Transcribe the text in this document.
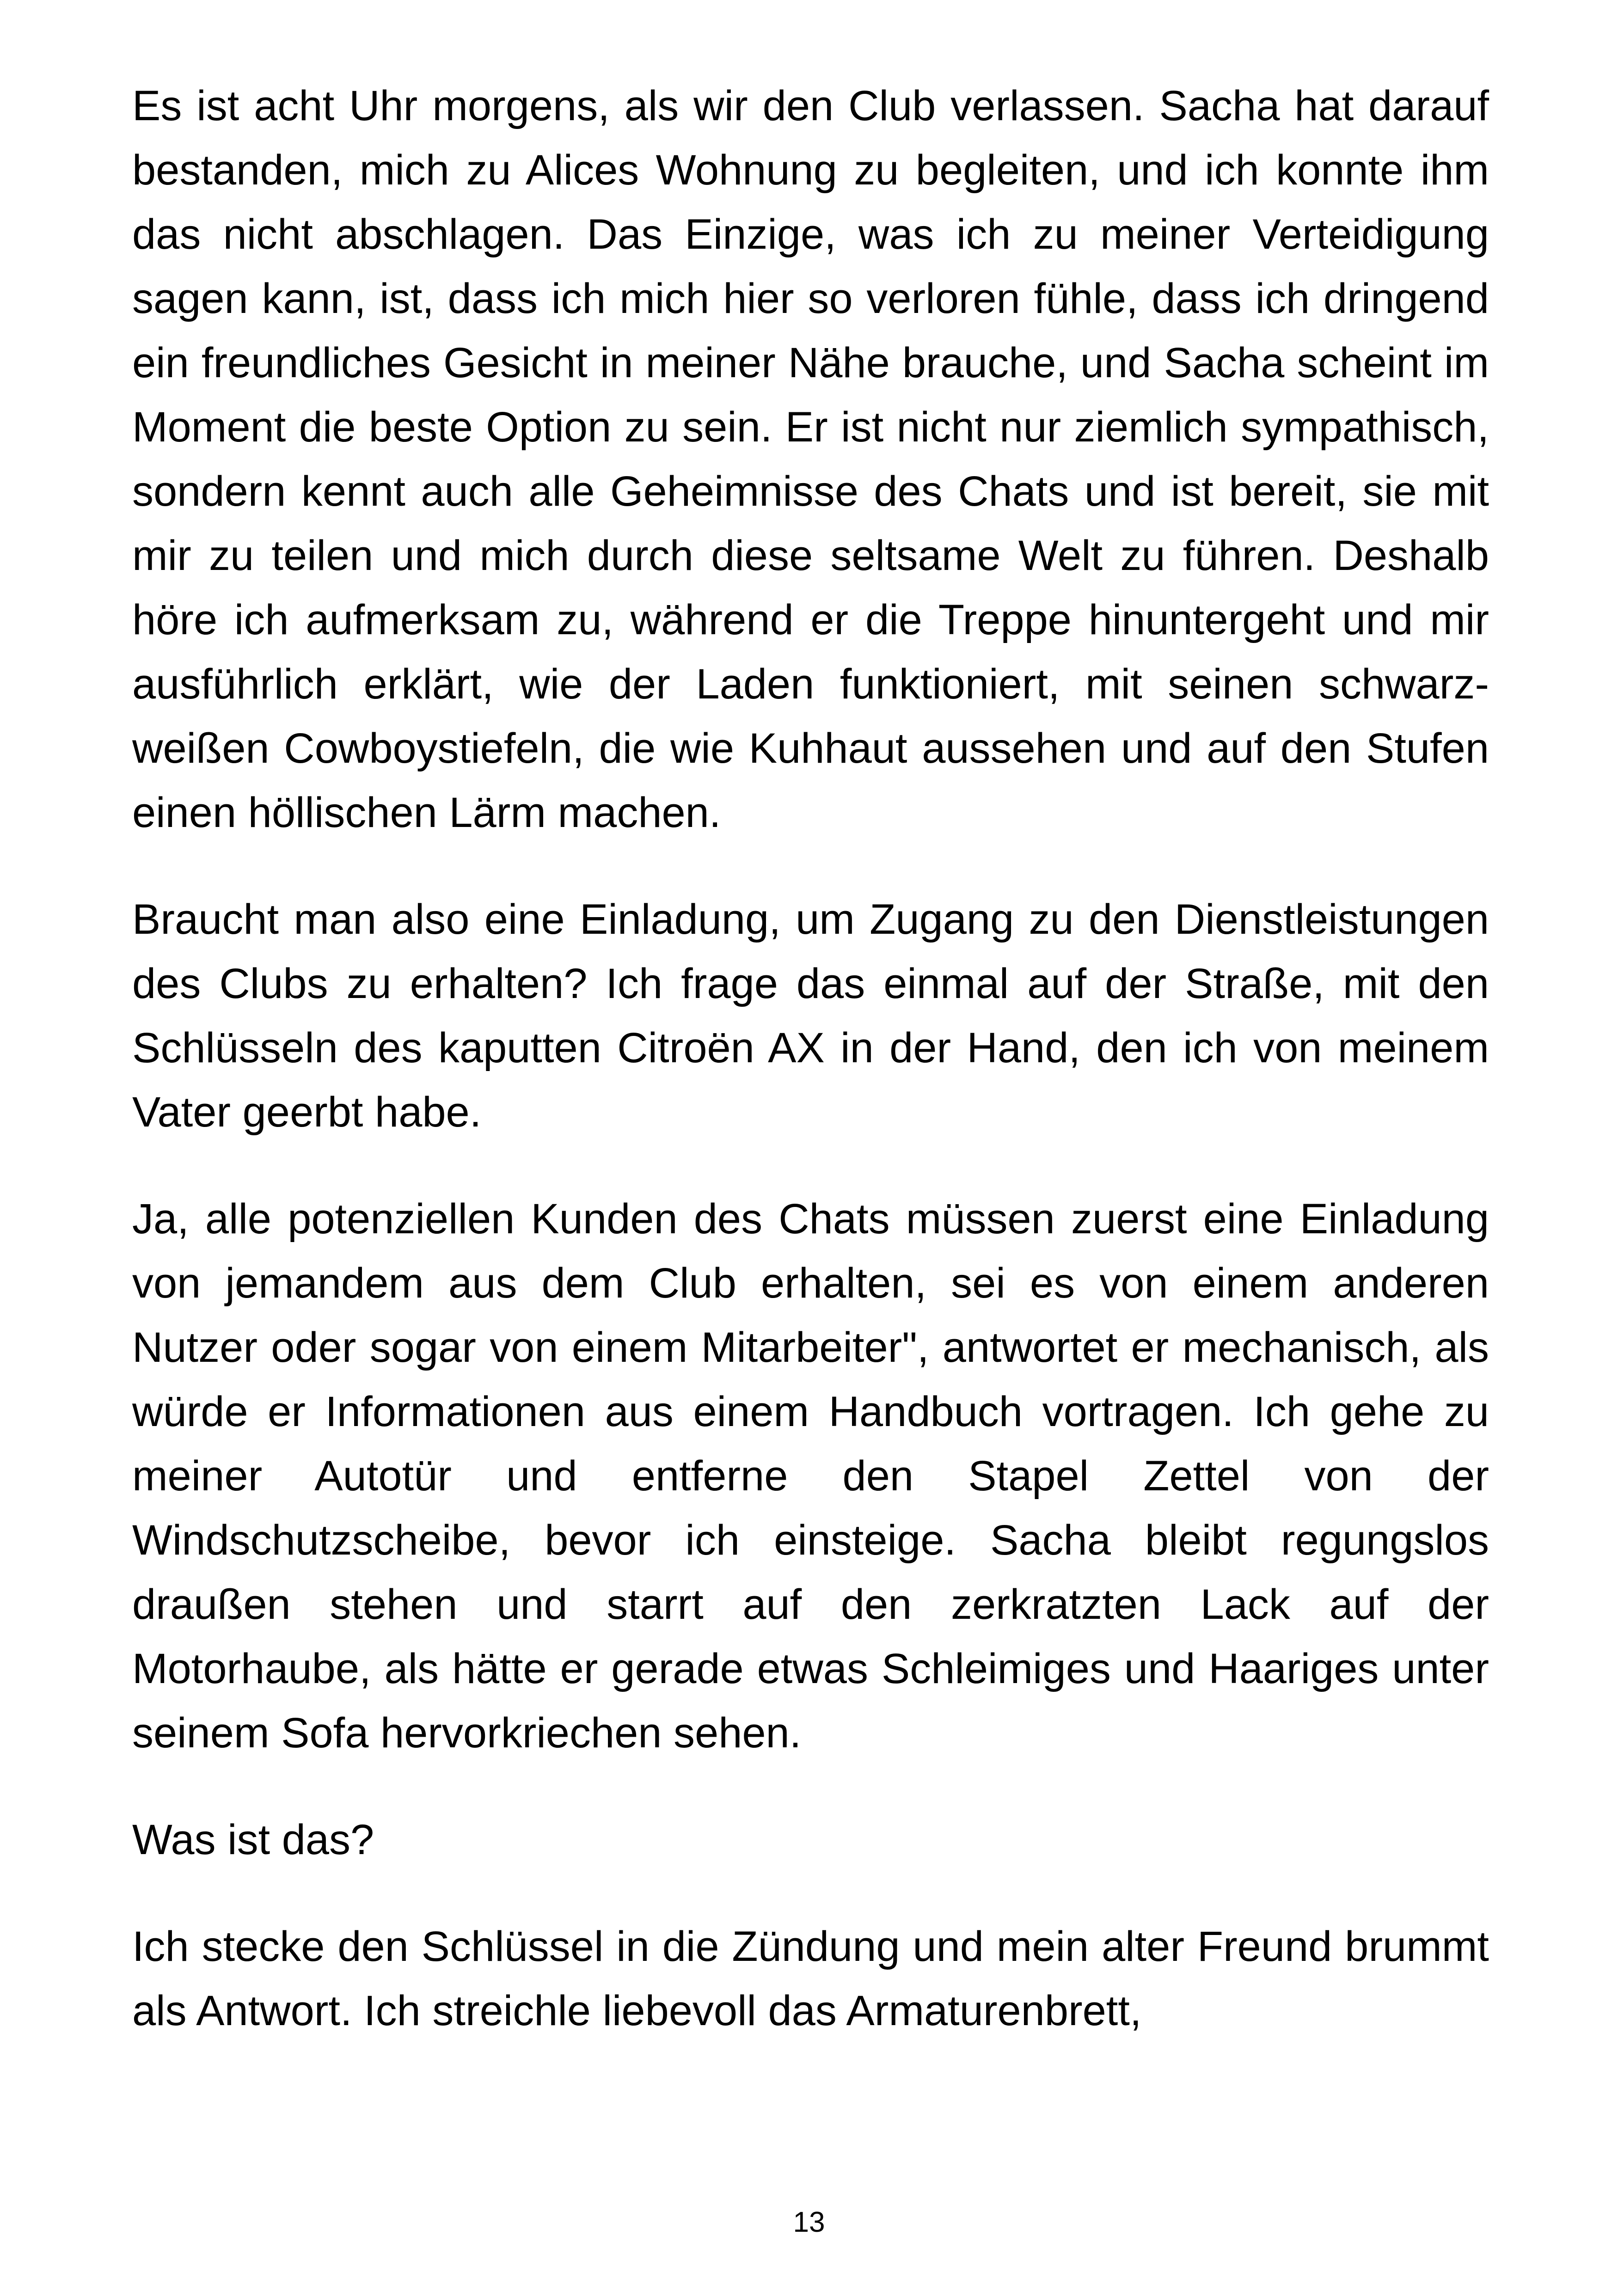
Es ist acht Uhr morgens, als wir den Club verlassen. Sacha hat darauf bestanden, mich zu Alices Wohnung zu begleiten, und ich konnte ihm das nicht abschlagen. Das Einzige, was ich zu meiner Verteidigung sagen kann, ist, dass ich mich hier so verloren fühle, dass ich dringend ein freundliches Gesicht in meiner Nähe brauche, und Sacha scheint im Moment die beste Option zu sein. Er ist nicht nur ziemlich sympathisch, sondern kennt auch alle Geheimnisse des Chats und ist bereit, sie mit mir zu teilen und mich durch diese seltsame Welt zu führen. Deshalb höre ich aufmerksam zu, während er die Treppe hinuntergeht und mir ausführlich erklärt, wie der Laden funktioniert, mit seinen schwarz-weißen Cowboystiefeln, die wie Kuhhaut aussehen und auf den Stufen einen höllischen Lärm machen.

Braucht man also eine Einladung, um Zugang zu den Dienstleistungen des Clubs zu erhalten? Ich frage das einmal auf der Straße, mit den Schlüsseln des kaputten Citroën AX in der Hand, den ich von meinem Vater geerbt habe.

Ja, alle potenziellen Kunden des Chats müssen zuerst eine Einladung von jemandem aus dem Club erhalten, sei es von einem anderen Nutzer oder sogar von einem Mitarbeiter", antwortet er mechanisch, als würde er Informationen aus einem Handbuch vortragen. Ich gehe zu meiner Autotür und entferne den Stapel Zettel von der Windschutzscheibe, bevor ich einsteige. Sacha bleibt regungslos draußen stehen und starrt auf den zerkratzten Lack auf der Motorhaube, als hätte er gerade etwas Schleimiges und Haariges unter seinem Sofa hervorkriechen sehen.

Was ist das?

Ich stecke den Schlüssel in die Zündung und mein alter Freund brummt als Antwort. Ich streichle liebevoll das Armaturenbrett,

13
